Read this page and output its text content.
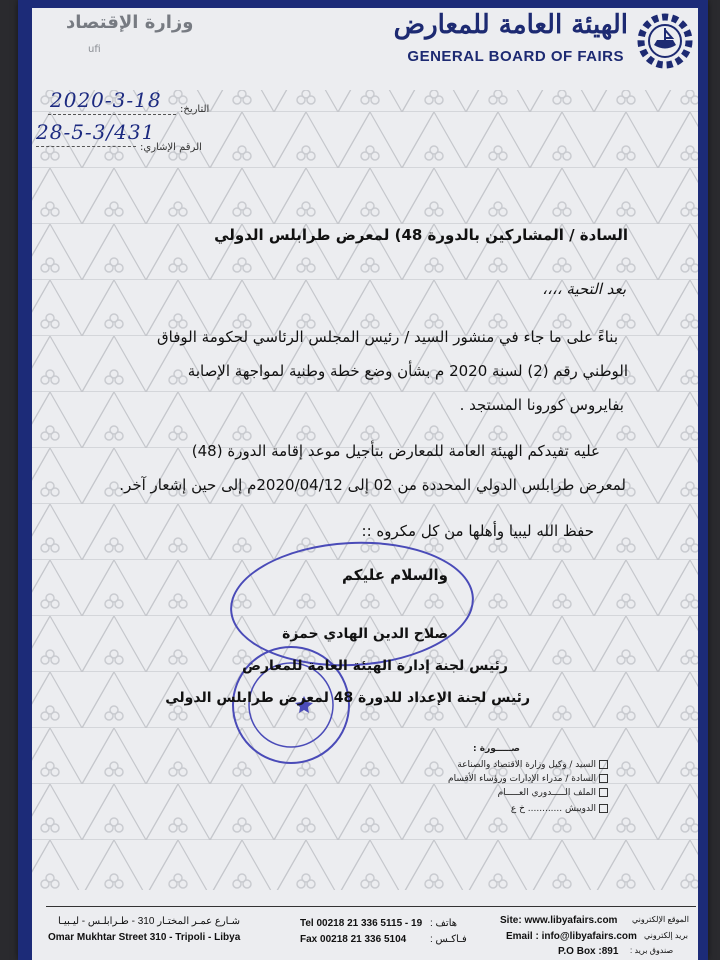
الهيئة العامة للمعارض
GENERAL BOARD OF FAIRS
وزارة الإقتصاد
ufi
التاريخ:
2020-3-18
الرقم الإشاري:
28-5-3/431
السادة / المشاركين بالدورة 48) لمعرض طرابلس الدولي
بعد التحية ،،،،
بناءً على ما جاء في منشور السيد / رئيس المجلس الرئاسي لحكومة الوفاق
الوطني رقم (2) لسنة 2020 م بشأن وضع خطة وطنية لمواجهة الإصابة
بفايروس كورونا المستجد .
عليه تفيدكم الهيئة العامة للمعارض بتأجيل موعد إقامة الدورة (48)
لمعرض طرابلس الدولي المحددة من 02 إلى 2020/04/12م إلى حين إشعار آخر.
حفظ الله ليبيا وأهلها من كل مكروه ::
والسلام عليكم
صلاح الدين الهادي حمزة
رئيس لجنة إدارة الهيئة العامة للمعارض
رئيس لجنة الإعداد للدورة 48 لمعرض طرابلس الدولي
صـــــورة :
السيد / وكيل وزارة الاقتصاد والصناعة
السادة / مدراء الإدارات ورؤساء الأقسام
الملف الـــــدوري العـــــام
الدويبش ............ خ ع
شـارع عمـر المختـار 310 - طـرابلـس - ليـبيـا
Omar Mukhtar Street 310 - Tripoli - Libya
Tel 00218 21 336 5115 - 19 هاتف :
Fax 00218 21 336 5104 فـاكـس :
Site: www.libyafairs.com الموقع الإلكتروني
Email : info@libyafairs.com بريد إلكتروني
P.O Box :891 صندوق بريد :
